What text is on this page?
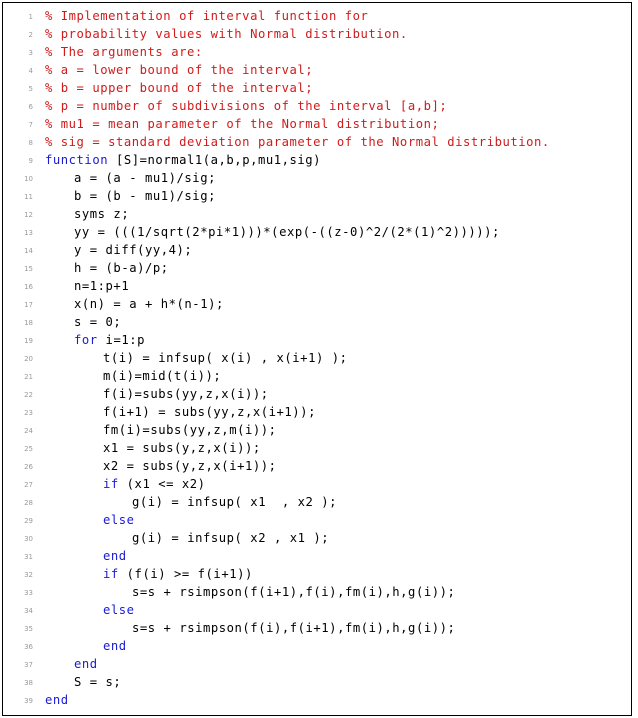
1 % Implementation of interval function for
2 % probability values with Normal distribution.
3 % The arguments are:
4 % a = lower bound of the interval;
5 % b = upper bound of the interval;
6 % p = number of subdivisions of the interval [a,b];
7 % mu1 = mean parameter of the Normal distribution;
8 % sig = standard deviation parameter of the Normal distribution.
9 function [S]=normal1(a,b,p,mu1,sig)
10	a = (a - mu1)/sig;
11	b = (b - mu1)/sig;
12	syms z;
13	yy = (((1/sqrt(2*pi*1)))*(exp(-((z-0)^2/(2*(1)^2)))));
14	y = diff(yy,4);
15	h = (b-a)/p;
16	n=1:p+1
17	x(n) = a + h*(n-1);
18	s = 0;
19	for i=1:p
20	t(i) = infsup( x(i) , x(i+1) );
21	m(i)=mid(t(i));
22	f(i)=subs(yy,z,x(i));
23	f(i+1) = subs(yy,z,x(i+1));
24	fm(i)=subs(yy,z,m(i));
25	x1 = subs(y,z,x(i));
26	x2 = subs(y,z,x(i+1));
27	if (x1 <= x2)
28	g(i) = infsup( x1  , x2 );
29	else
30	g(i) = infsup( x2 , x1 );
31	end
32	if (f(i) >= f(i+1))
33	s=s + rsimpson(f(i+1),f(i),fm(i),h,g(i));
34	else
35	s=s + rsimpson(f(i),f(i+1),fm(i),h,g(i));
36	end
37	end
38	S = s;
39 end
